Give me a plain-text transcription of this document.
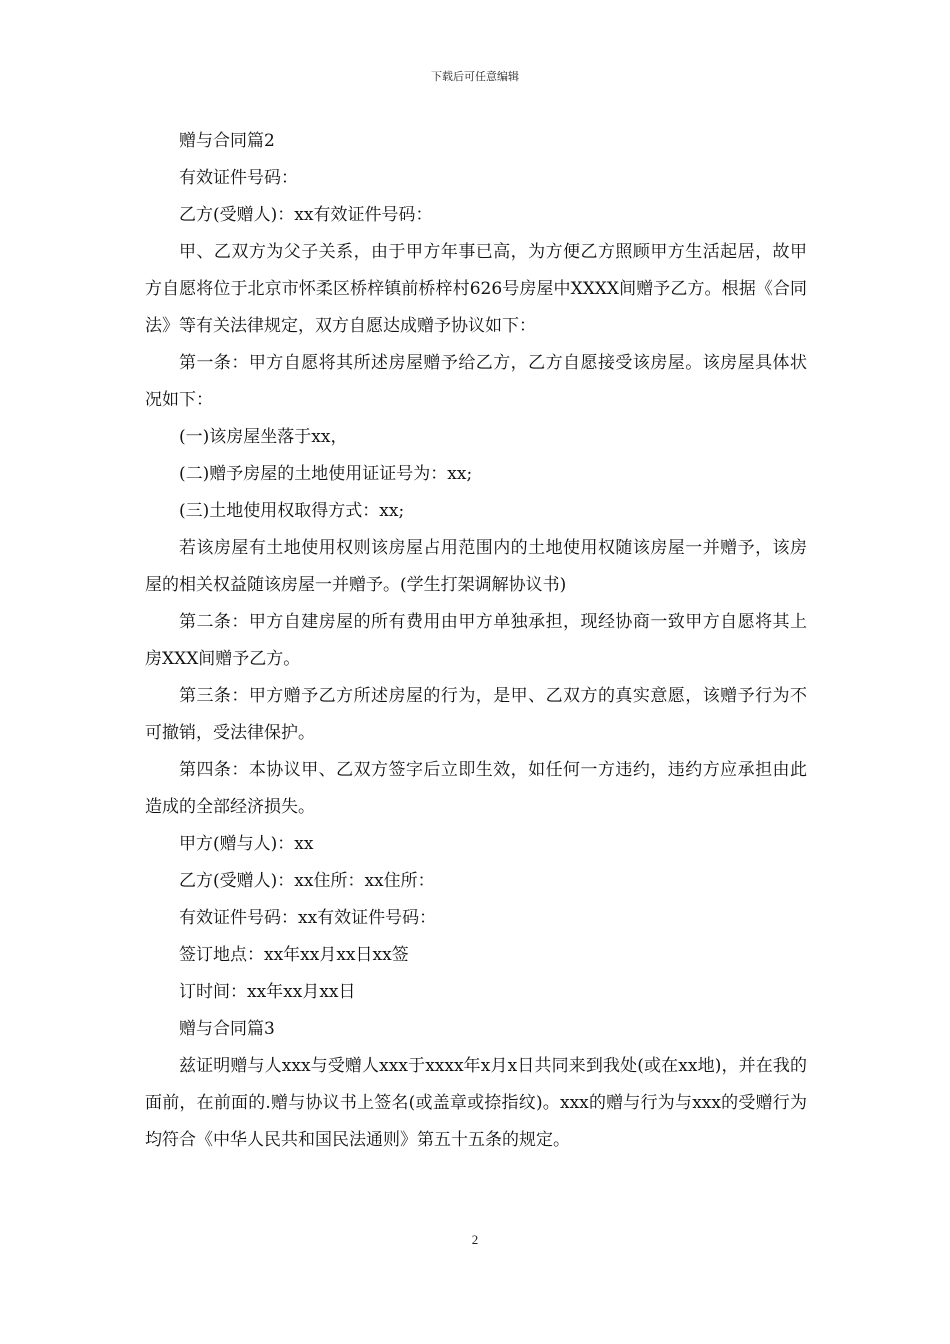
下载后可任意编辑

赠与合同篇2

有效证件号码：

乙方(受赠人)：xx有效证件号码：

甲、乙双方为父子关系，由于甲方年事已高，为方便乙方照顾甲方生活起居，故甲方自愿将位于北京市怀柔区桥梓镇前桥梓村626号房屋中XXXX间赠予乙方。根据《合同法》等有关法律规定，双方自愿达成赠予协议如下：

第一条：甲方自愿将其所述房屋赠予给乙方，乙方自愿接受该房屋。该房屋具体状况如下：

(一)该房屋坐落于xx，

(二)赠予房屋的土地使用证证号为：xx;

(三)土地使用权取得方式：xx;

若该房屋有土地使用权则该房屋占用范围内的土地使用权随该房屋一并赠予，该房屋的相关权益随该房屋一并赠予。(学生打架调解协议书)

第二条：甲方自建房屋的所有费用由甲方单独承担，现经协商一致甲方自愿将其上房XXX间赠予乙方。

第三条：甲方赠予乙方所述房屋的行为，是甲、乙双方的真实意愿，该赠予行为不可撤销，受法律保护。

第四条：本协议甲、乙双方签字后立即生效，如任何一方违约，违约方应承担由此造成的全部经济损失。

甲方(赠与人)：xx

乙方(受赠人)：xx住所：xx住所：

有效证件号码：xx有效证件号码：

签订地点：xx年xx月xx日xx签

订时间：xx年xx月xx日

赠与合同篇3

兹证明赠与人xxx与受赠人xxx于xxxx年x月x日共同来到我处(或在xx地)，并在我的面前，在前面的.赠与协议书上签名(或盖章或捺指纹)。xxx的赠与行为与xxx的受赠行为均符合《中华人民共和国民法通则》第五十五条的规定。

2
